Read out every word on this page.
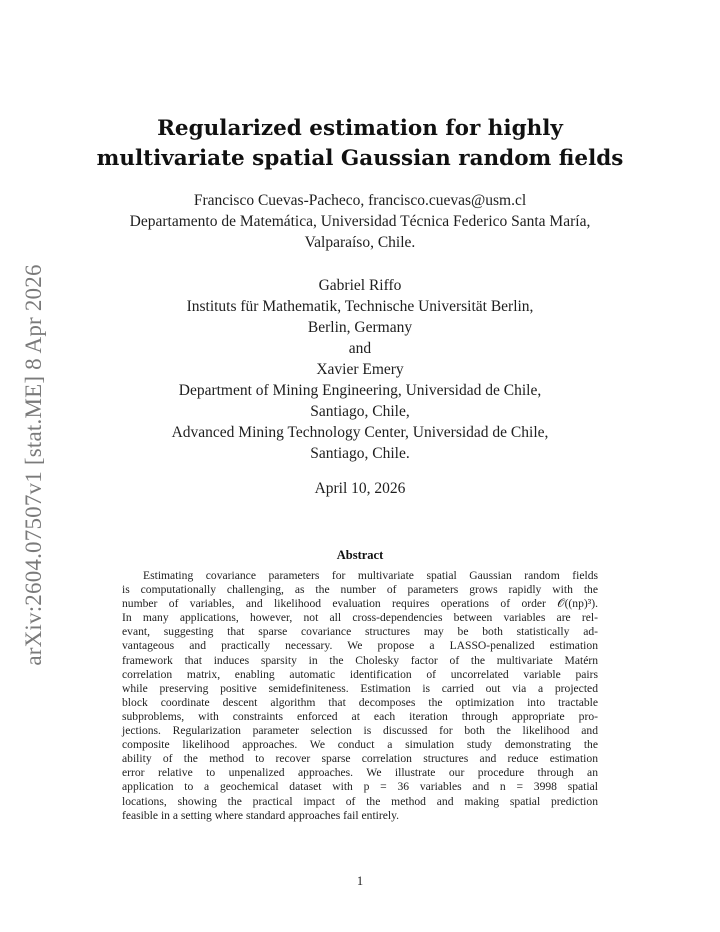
arXiv:2604.07507v1 [stat.ME] 8 Apr 2026
Regularized estimation for highly
multivariate spatial Gaussian random fields
Francisco Cuevas-Pacheco, francisco.cuevas@usm.cl
Departamento de Matemática, Universidad Técnica Federico Santa María,
Valparaíso, Chile.
Gabriel Riffo
Instituts für Mathematik, Technische Universität Berlin,
Berlin, Germany
and
Xavier Emery
Department of Mining Engineering, Universidad de Chile,
Santiago, Chile,
Advanced Mining Technology Center, Universidad de Chile,
Santiago, Chile.
April 10, 2026
Abstract
Estimating covariance parameters for multivariate spatial Gaussian random fields
is computationally challenging, as the number of parameters grows rapidly with the
number of variables, and likelihood evaluation requires operations of order 𝒪((np)³).
In many applications, however, not all cross-dependencies between variables are rel-
evant, suggesting that sparse covariance structures may be both statistically ad-
vantageous and practically necessary. We propose a LASSO-penalized estimation
framework that induces sparsity in the Cholesky factor of the multivariate Matérn
correlation matrix, enabling automatic identification of uncorrelated variable pairs
while preserving positive semidefiniteness. Estimation is carried out via a projected
block coordinate descent algorithm that decomposes the optimization into tractable
subproblems, with constraints enforced at each iteration through appropriate pro-
jections. Regularization parameter selection is discussed for both the likelihood and
composite likelihood approaches. We conduct a simulation study demonstrating the
ability of the method to recover sparse correlation structures and reduce estimation
error relative to unpenalized approaches. We illustrate our procedure through an
application to a geochemical dataset with p = 36 variables and n = 3998 spatial
locations, showing the practical impact of the method and making spatial prediction
feasible in a setting where standard approaches fail entirely.
1
